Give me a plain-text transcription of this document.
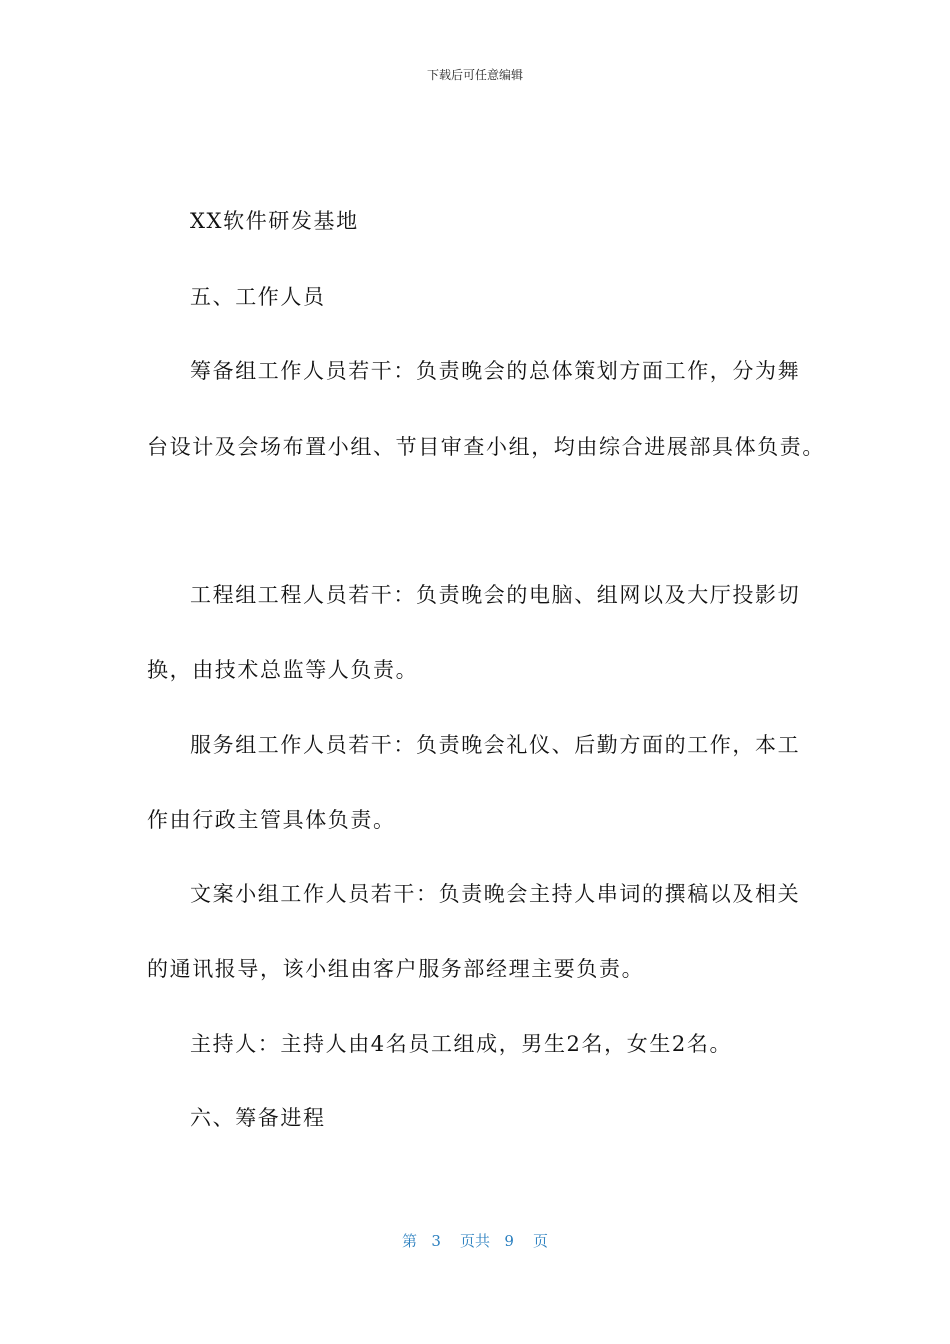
下载后可任意编辑
XX软件研发基地
五、工作人员
筹备组工作人员若干：负责晚会的总体策划方面工作，分为舞
台设计及会场布置小组、节目审查小组，均由综合进展部具体负责。
工程组工程人员若干：负责晚会的电脑、组网以及大厅投影切
换，由技术总监等人负责。
服务组工作人员若干：负责晚会礼仪、后勤方面的工作，本工
作由行政主管具体负责。
文案小组工作人员若干：负责晚会主持人串词的撰稿以及相关
的通讯报导，该小组由客户服务部经理主要负责。
主持人：主持人由4名员工组成，男生2名，女生2名。
六、筹备进程
第 3 页共 9 页
